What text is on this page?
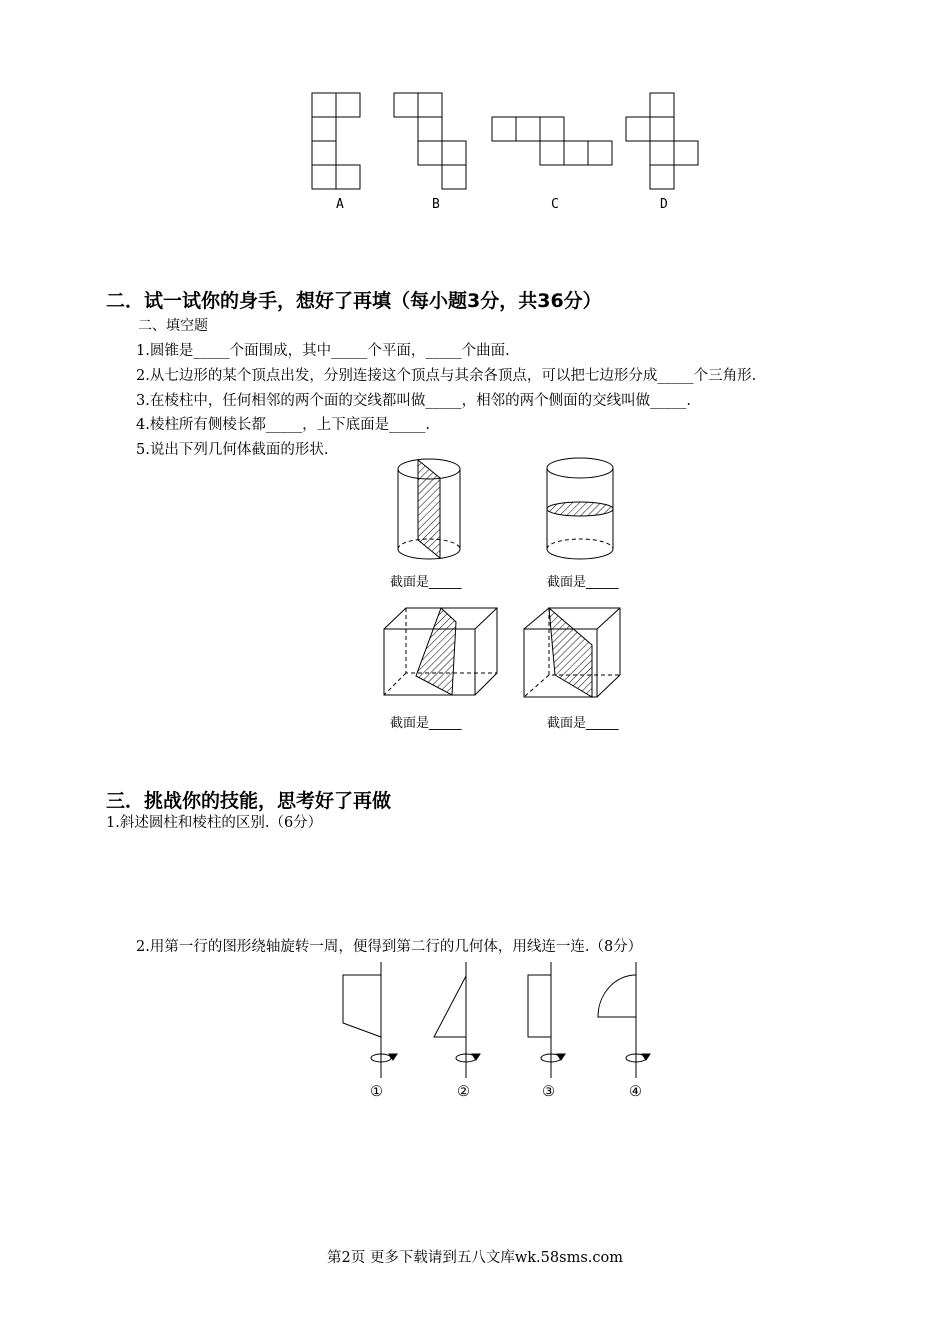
A	B	C	D
二．试一试你的身手，想好了再填（每小题3分，共36分）
二、填空题
1.圆锥是_____个面围成，其中_____个平面，_____个曲面.
2.从七边形的某个顶点出发，分别连接这个顶点与其余各顶点，可以把七边形分成_____个三角形.
3.在棱柱中，任何相邻的两个面的交线都叫做_____，相邻的两个侧面的交线叫做_____.
4.棱柱所有侧棱长都_____，上下底面是_____.
5.说出下列几何体截面的形状.
截面是_____	截面是_____
截面是_____	截面是_____
三．挑战你的技能，思考好了再做
1.斜述圆柱和棱柱的区别.（6分）
2.用第一行的图形绕轴旋转一周，便得到第二行的几何体，用线连一连.（8分）
①	②	③	④
第2页 更多下载请到五八文库wk.58sms.com
